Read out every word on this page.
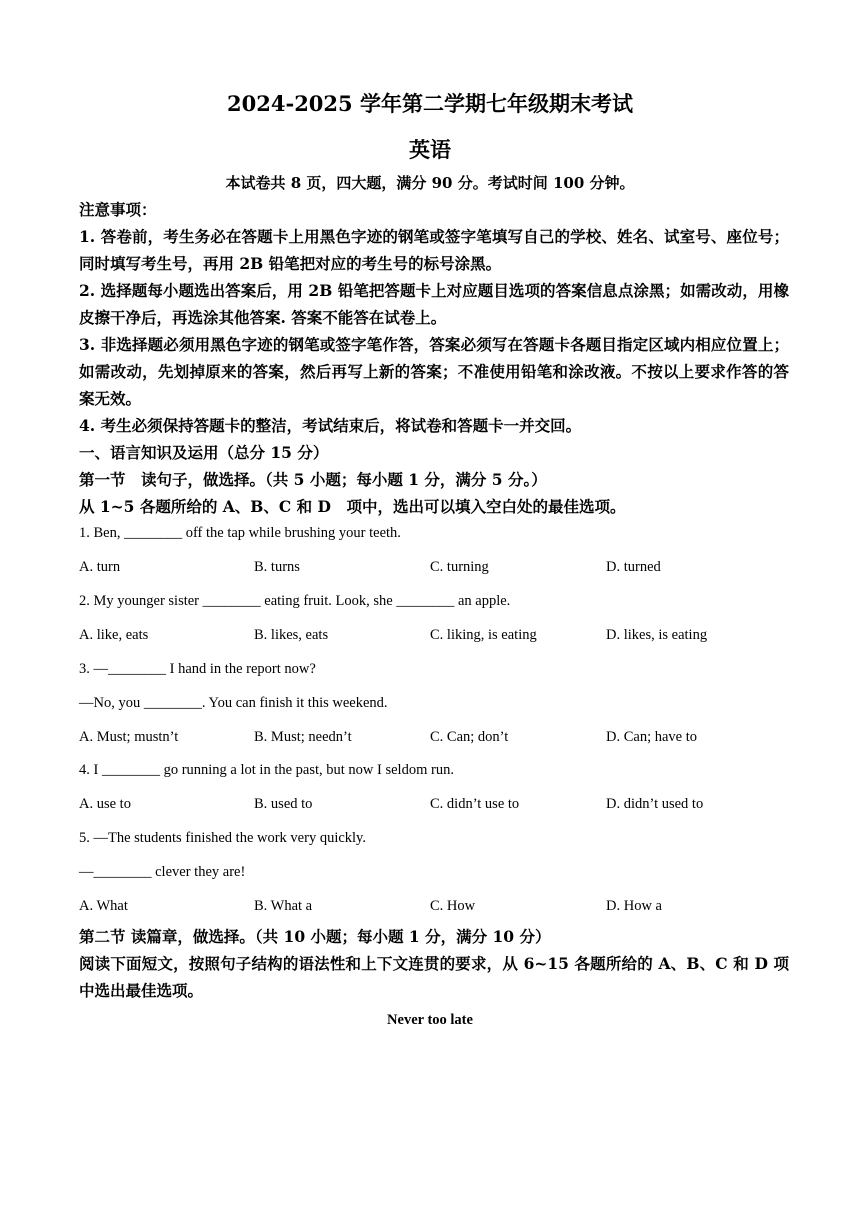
2024-2025 学年第二学期七年级期末考试
英语
本试卷共 8 页，四大题，满分 90 分。考试时间 100 分钟。

注意事项：

1. 答卷前，考生务必在答题卡上用黑色字迹的钢笔或签字笔填写自己的学校、姓名、试室号、座位号；同时填写考生号，再用 2B 铅笔把对应的考生号的标号涂黑。

2. 选择题每小题选出答案后，用 2B 铅笔把答题卡上对应题目选项的答案信息点涂黑；如需改动，用橡皮擦干净后，再选涂其他答案. 答案不能答在试卷上。

3. 非选择题必须用黑色字迹的钢笔或签字笔作答，答案必须写在答题卡各题目指定区域内相应位置上；如需改动，先划掉原来的答案，然后再写上新的答案；不准使用铅笔和涂改液。不按以上要求作答的答案无效。

4. 考生必须保持答题卡的整洁，考试结束后，将试卷和答题卡一并交回。

一、语言知识及运用（总分 15 分）

第一节　读句子，做选择。（共 5 小题；每小题 1 分，满分 5 分。）

从 1~5 各题所给的 A、B、C 和 D　项中，选出可以填入空白处的最佳选项。

1. Ben, ________ off the tap while brushing your teeth.
A. turn	B. turns	C. turning	D. turned
2. My younger sister ________ eating fruit. Look, she ________ an apple.
A. like, eats	B. likes, eats	C. liking, is eating	D. likes, is eating
3. —________ I hand in the report now?
—No, you ________. You can finish it this weekend.
A. Must; mustn’t	B. Must; needn’t	C. Can; don’t	D. Can; have to
4. I ________ go running a lot in the past, but now I seldom run.
A. use to	B. used to	C. didn’t use to	D. didn’t used to
5. —The students finished the work very quickly.
—________ clever they are!
A. What	B. What a	C. How	D. How a

第二节 读篇章，做选择。（共 10 小题；每小题 1 分，满分 10 分）

阅读下面短文，按照句子结构的语法性和上下文连贯的要求，从 6~15 各题所给的 A、B、C 和 D 项中选出最佳选项。

Never too late
